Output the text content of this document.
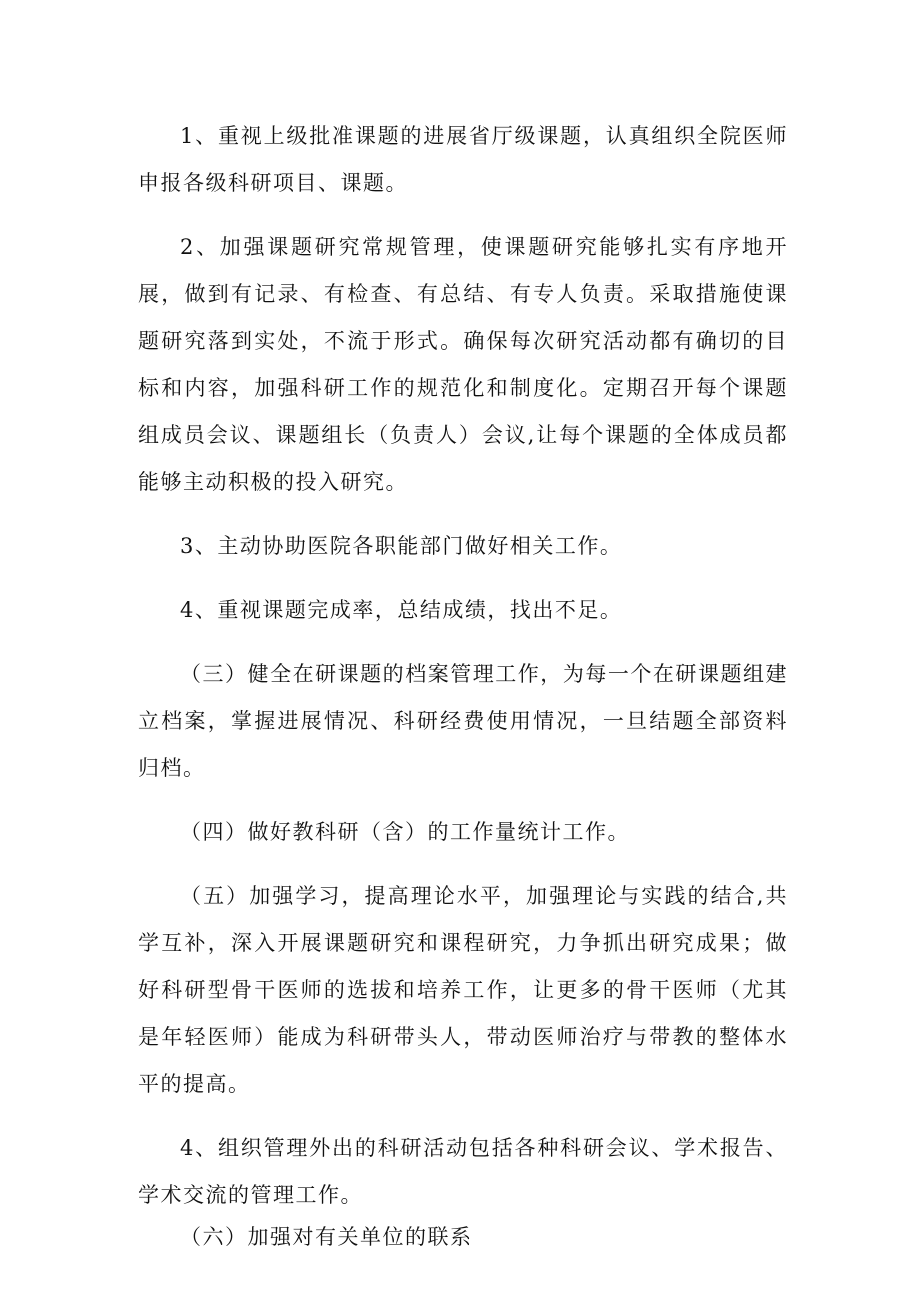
1、重视上级批准课题的进展省厅级课题，认真组织全院医师申报各级科研项目、课题。

2、加强课题研究常规管理，使课题研究能够扎实有序地开展，做到有记录、有检查、有总结、有专人负责。采取措施使课题研究落到实处，不流于形式。确保每次研究活动都有确切的目标和内容，加强科研工作的规范化和制度化。定期召开每个课题组成员会议、课题组长（负责人）会议,让每个课题的全体成员都能够主动积极的投入研究。

3、主动协助医院各职能部门做好相关工作。

4、重视课题完成率，总结成绩，找出不足。

（三）健全在研课题的档案管理工作，为每一个在研课题组建立档案，掌握进展情况、科研经费使用情况，一旦结题全部资料归档。

（四）做好教科研（含）的工作量统计工作。

（五）加强学习，提高理论水平，加强理论与实践的结合,共学互补，深入开展课题研究和课程研究，力争抓出研究成果；做好科研型骨干医师的选拔和培养工作，让更多的骨干医师（尤其是年轻医师）能成为科研带头人，带动医师治疗与带教的整体水平的提高。

4、组织管理外出的科研活动包括各种科研会议、学术报告、学术交流的管理工作。

（六）加强对有关单位的联系
